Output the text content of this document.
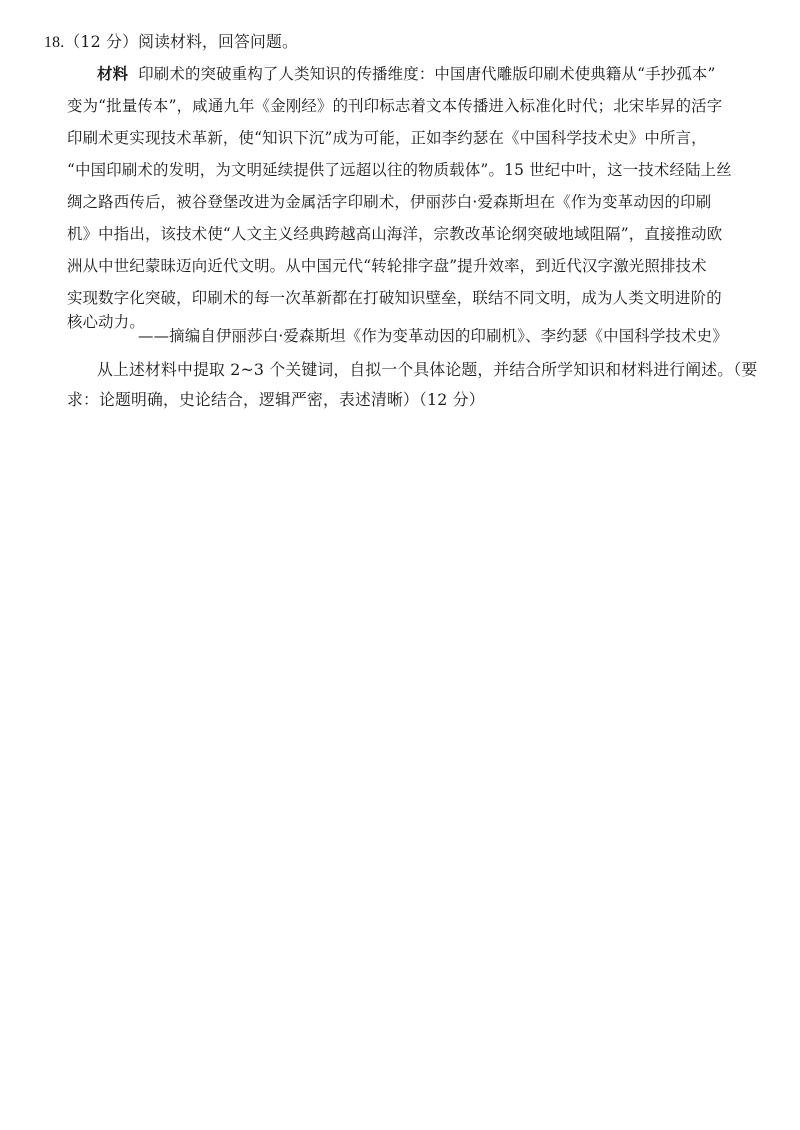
18.（12 分）阅读材料，回答问题。
材料 印刷术的突破重构了人类知识的传播维度：中国唐代雕版印刷术使典籍从“手抄孤本”
变为“批量传本”，咸通九年《金刚经》的刊印标志着文本传播进入标准化时代；北宋毕昇的活字
印刷术更实现技术革新，使“知识下沉”成为可能，正如李约瑟在《中国科学技术史》中所言，
“中国印刷术的发明，为文明延续提供了远超以往的物质载体”。15 世纪中叶，这一技术经陆上丝
绸之路西传后，被谷登堡改进为金属活字印刷术，伊丽莎白·爱森斯坦在《作为变革动因的印刷
机》中指出，该技术使“人文主义经典跨越高山海洋，宗教改革论纲突破地域阻隔”，直接推动欧
洲从中世纪蒙昧迈向近代文明。从中国元代“转轮排字盘”提升效率，到近代汉字激光照排技术
实现数字化突破，印刷术的每一次革新都在打破知识壁垒，联结不同文明，成为人类文明进阶的
核心动力。
——摘编自伊丽莎白·爱森斯坦《作为变革动因的印刷机》、李约瑟《中国科学技术史》
从上述材料中提取 2~3 个关键词，自拟一个具体论题，并结合所学知识和材料进行阐述。（要
求：论题明确，史论结合，逻辑严密，表述清晰）（12 分）
